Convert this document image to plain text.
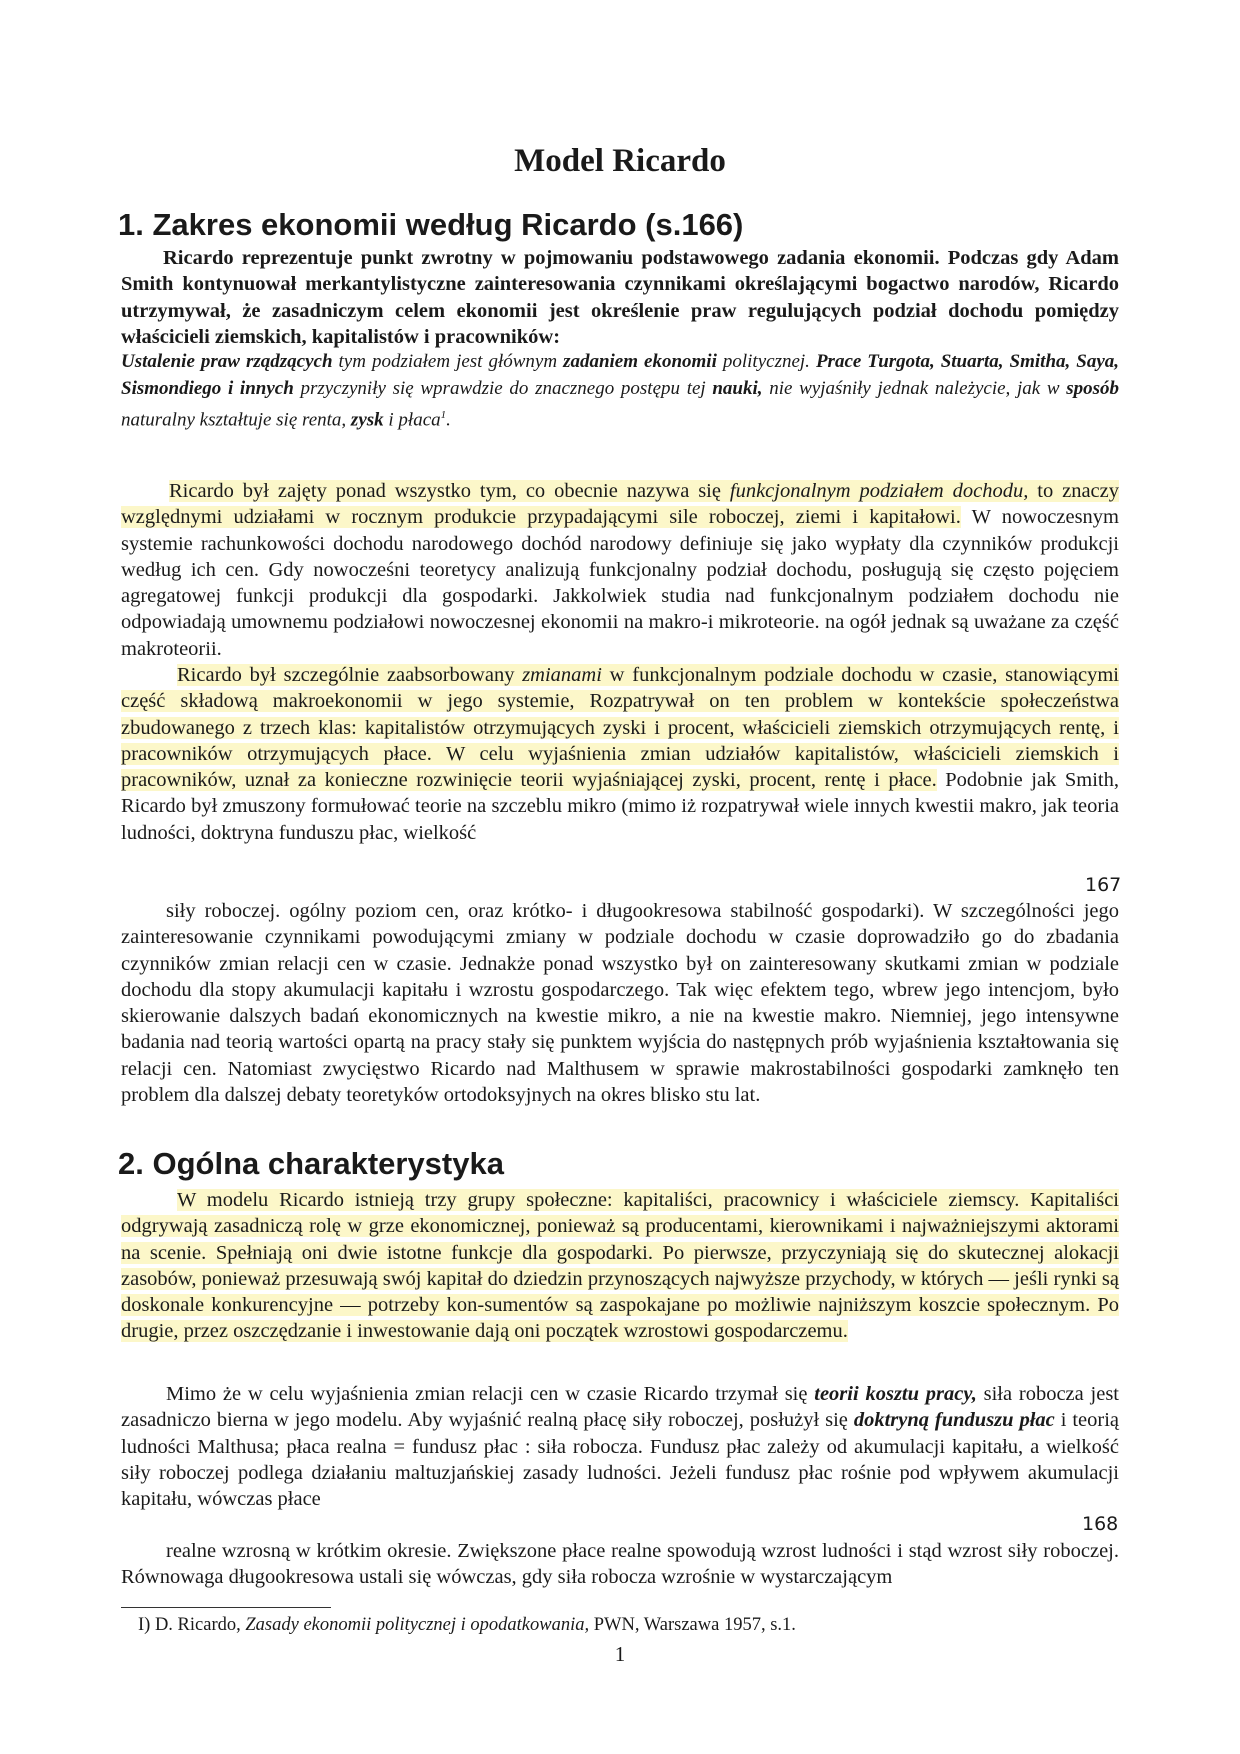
Model Ricardo
1. Zakres ekonomii według Ricardo (s.166)

Ricardo reprezentuje punkt zwrotny w pojmowaniu podstawowego zadania ekonomii. Podczas gdy Adam Smith kontynuował merkantylistyczne zainteresowania czynnikami określającymi bogactwo narodów, Ricardo utrzymywał, że zasadniczym celem ekonomii jest określenie praw regulujących podział dochodu pomiędzy właścicieli ziemskich, kapitalistów i pracowników:

Ustalenie praw rządzących tym podziałem jest głównym zadaniem ekonomii politycznej. Prace Turgota, Stuarta, Smitha, Saya, Sismondiego i innych przyczyniły się wprawdzie do znacznego postępu tej nauki, nie wyjaśniły jednak należycie, jak w sposób naturalny kształtuje się renta, zysk i płaca$^1$.

Ricardo był zajęty ponad wszystko tym, co obecnie nazywa się funkcjonalnym podziałem dochodu, to znaczy względnymi udziałami w rocznym produkcie przypadającymi sile roboczej, ziemi i kapitałowi. W nowoczesnym systemie rachunkowości dochodu narodowego dochód narodowy definiuje się jako wypłaty dla czynników produkcji według ich cen. Gdy nowocześni teoretycy analizują funkcjonalny podział dochodu, posługują się często pojęciem agregatowej funkcji produkcji dla gospodarki. Jakkolwiek studia nad funkcjonalnym podziałem dochodu nie odpowiadają umownemu podziałowi nowoczesnej ekonomii na makro-i mikroteorie. na ogół jednak są uważane za część makroteorii.

Ricardo był szczególnie zaabsorbowany zmianami w funkcjonalnym podziale dochodu w czasie, stanowiącymi część składową makroekonomii w jego systemie, Rozpatrywał on ten problem w kontekście społeczeństwa zbudowanego z trzech klas: kapitalistów otrzymujących zyski i procent, właścicieli ziemskich otrzymujących rentę, i pracowników otrzymujących płace. W celu wyjaśnienia zmian udziałów kapitalistów, właścicieli ziemskich i pracowników, uznał za konieczne rozwinięcie teorii wyjaśniającej zyski, procent, rentę i płace. Podobnie jak Smith, Ricardo był zmuszony formułować teorie na szczeblu mikro (mimo iż rozpatrywał wiele innych kwestii makro, jak teoria ludności, doktryna funduszu płac, wielkość

167

siły roboczej. ogólny poziom cen, oraz krótko- i długookresowa stabilność gospodarki). W szczególności jego zainteresowanie czynnikami powodującymi zmiany w podziale dochodu w czasie doprowadziło go do zbadania czynników zmian relacji cen w czasie. Jednakże ponad wszystko był on zainteresowany skutkami zmian w podziale dochodu dla stopy akumulacji kapitału i wzrostu gospodarczego. Tak więc efektem tego, wbrew jego intencjom, było skierowanie dalszych badań ekonomicznych na kwestie mikro, a nie na kwestie makro. Niemniej, jego intensywne badania nad teorią wartości opartą na pracy stały się punktem wyjścia do następnych prób wyjaśnienia kształtowania się relacji cen. Natomiast zwycięstwo Ricardo nad Malthusem w sprawie makrostabilności gospodarki zamknęło ten problem dla dalszej debaty teoretyków ortodoksyjnych na okres blisko stu lat.

2. Ogólna charakterystyka

W modelu Ricardo istnieją trzy grupy społeczne: kapitaliści, pracownicy i właściciele ziemscy. Kapitaliści odgrywają zasadniczą rolę w grze ekonomicznej, ponieważ są producentami, kierownikami i najważniejszymi aktorami na scenie. Spełniają oni dwie istotne funkcje dla gospodarki. Po pierwsze, przyczyniają się do skutecznej alokacji zasobów, ponieważ przesuwają swój kapitał do dziedzin przynoszących najwyższe przychody, w których — jeśli rynki są doskonale konkurencyjne — potrzeby kon-sumentów są zaspokajane po możliwie najniższym koszcie społecznym. Po drugie, przez oszczędzanie i inwestowanie dają oni początek wzrostowi gospodarczemu.

Mimo że w celu wyjaśnienia zmian relacji cen w czasie Ricardo trzymał się teorii kosztu pracy, siła robocza jest zasadniczo bierna w jego modelu. Aby wyjaśnić realną płacę siły roboczej, posłużył się doktryną funduszu płac i teorią ludności Malthusa; płaca realna = fundusz płac : siła robocza. Fundusz płac zależy od akumulacji kapitału, a wielkość siły roboczej podlega działaniu maltuzjańskiej zasady ludności. Jeżeli fundusz płac rośnie pod wpływem akumulacji kapitału, wówczas płace

168

realne wzrosną w krótkim okresie. Zwiększone płace realne spowodują wzrost ludności i stąd wzrost siły roboczej. Równowaga długookresowa ustali się wówczas, gdy siła robocza wzrośnie w wystarczającym

I) D. Ricardo, Zasady ekonomii politycznej i opodatkowania, PWN, Warszawa 1957, s.1.

1
